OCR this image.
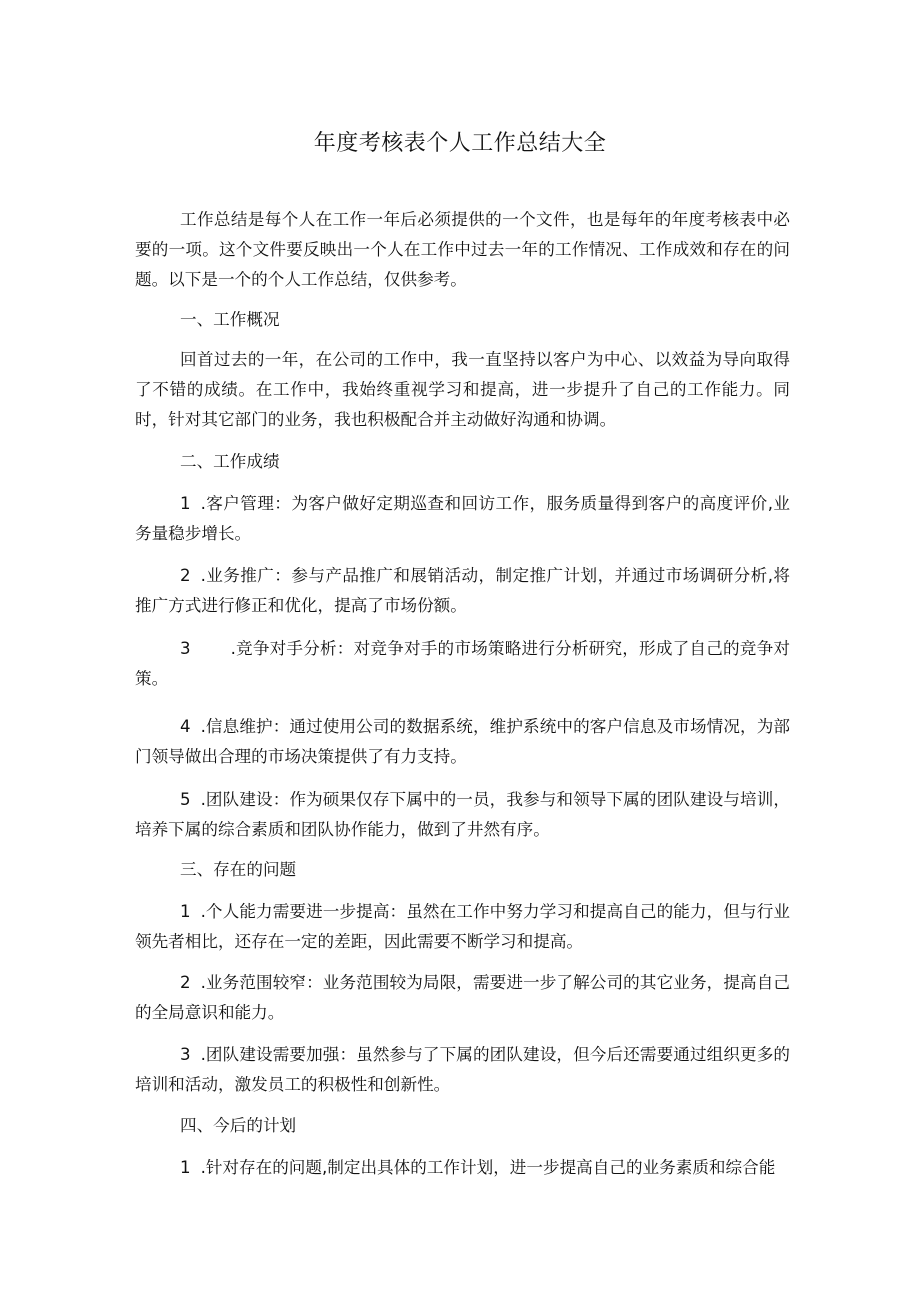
年度考核表个人工作总结大全

工作总结是每个人在工作一年后必须提供的一个文件，也是每年的年度考核表中必要的一项。这个文件要反映出一个人在工作中过去一年的工作情况、工作成效和存在的问题。以下是一个的个人工作总结，仅供参考。

一、工作概况

回首过去的一年，在公司的工作中，我一直坚持以客户为中心、以效益为导向取得了不错的成绩。在工作中，我始终重视学习和提高，进一步提升了自己的工作能力。同时，针对其它部门的业务，我也积极配合并主动做好沟通和协调。

二、工作成绩

1 .客户管理：为客户做好定期巡查和回访工作，服务质量得到客户的高度评价,业务量稳步增长。

2 .业务推广：参与产品推广和展销活动，制定推广计划，并通过市场调研分析,将推广方式进行修正和优化，提高了市场份额。

3 .竞争对手分析：对竞争对手的市场策略进行分析研究，形成了自己的竞争对策。

4 .信息维护：通过使用公司的数据系统，维护系统中的客户信息及市场情况，为部门领导做出合理的市场决策提供了有力支持。

5 .团队建设：作为硕果仅存下属中的一员，我参与和领导下属的团队建设与培训，培养下属的综合素质和团队协作能力，做到了井然有序。

三、存在的问题

1 .个人能力需要进一步提高：虽然在工作中努力学习和提高自己的能力，但与行业领先者相比，还存在一定的差距，因此需要不断学习和提高。

2 .业务范围较窄：业务范围较为局限，需要进一步了解公司的其它业务，提高自己的全局意识和能力。

3 .团队建设需要加强：虽然参与了下属的团队建设，但今后还需要通过组织更多的培训和活动，激发员工的积极性和创新性。

四、今后的计划

1 .针对存在的问题,制定出具体的工作计划，进一步提高自己的业务素质和综合能
